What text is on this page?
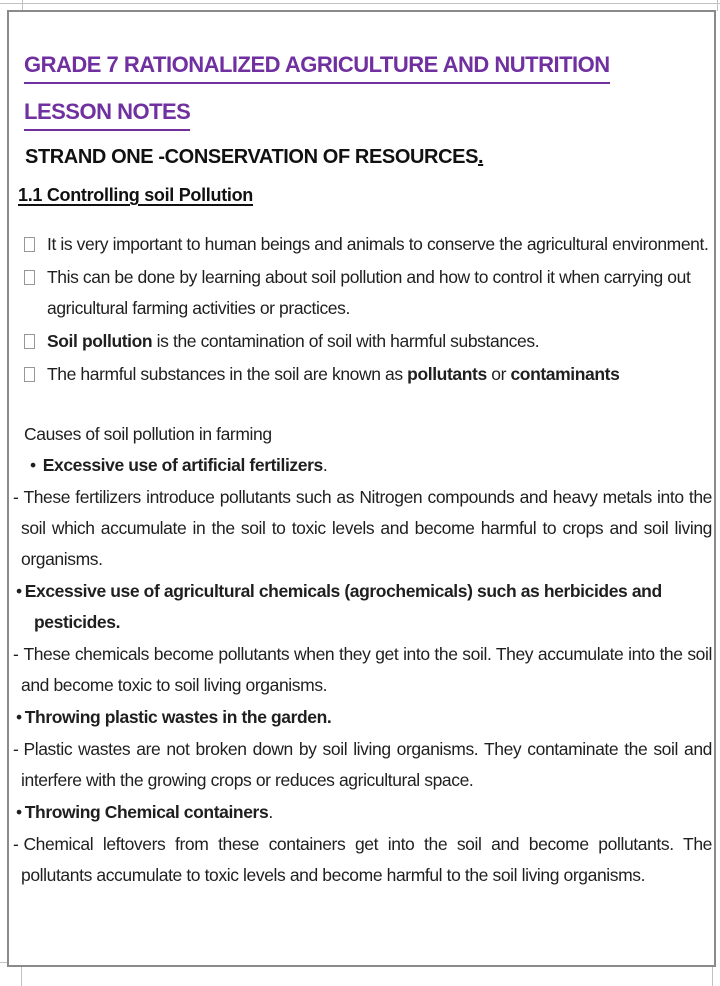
GRADE 7 RATIONALIZED AGRICULTURE AND NUTRITION
LESSON NOTES
STRAND ONE -CONSERVATION OF RESOURCES.
1.1 Controlling soil Pollution
It is very important to human beings and animals to conserve the agricultural environment.
This can be done by learning about soil pollution and how to control it when carrying out agricultural farming activities or practices.
Soil pollution is the contamination of soil with harmful substances.
The harmful substances in the soil are known as pollutants or contaminants

Causes of soil pollution in farming

• Excessive use of artificial fertilizers.

- These fertilizers introduce pollutants such as Nitrogen compounds and heavy metals into the soil which accumulate in the soil to toxic levels and become harmful to crops and soil living organisms.

• Excessive use of agricultural chemicals (agrochemicals) such as herbicides and pesticides.

- These chemicals become pollutants when they get into the soil. They accumulate into the soil and become toxic to soil living organisms.

• Throwing plastic wastes in the garden.

- Plastic wastes are not broken down by soil living organisms. They contaminate the soil and interfere with the growing crops or reduces agricultural space.

• Throwing Chemical containers.

- Chemical leftovers from these containers get into the soil and become pollutants. The pollutants accumulate to toxic levels and become harmful to the soil living organisms.
